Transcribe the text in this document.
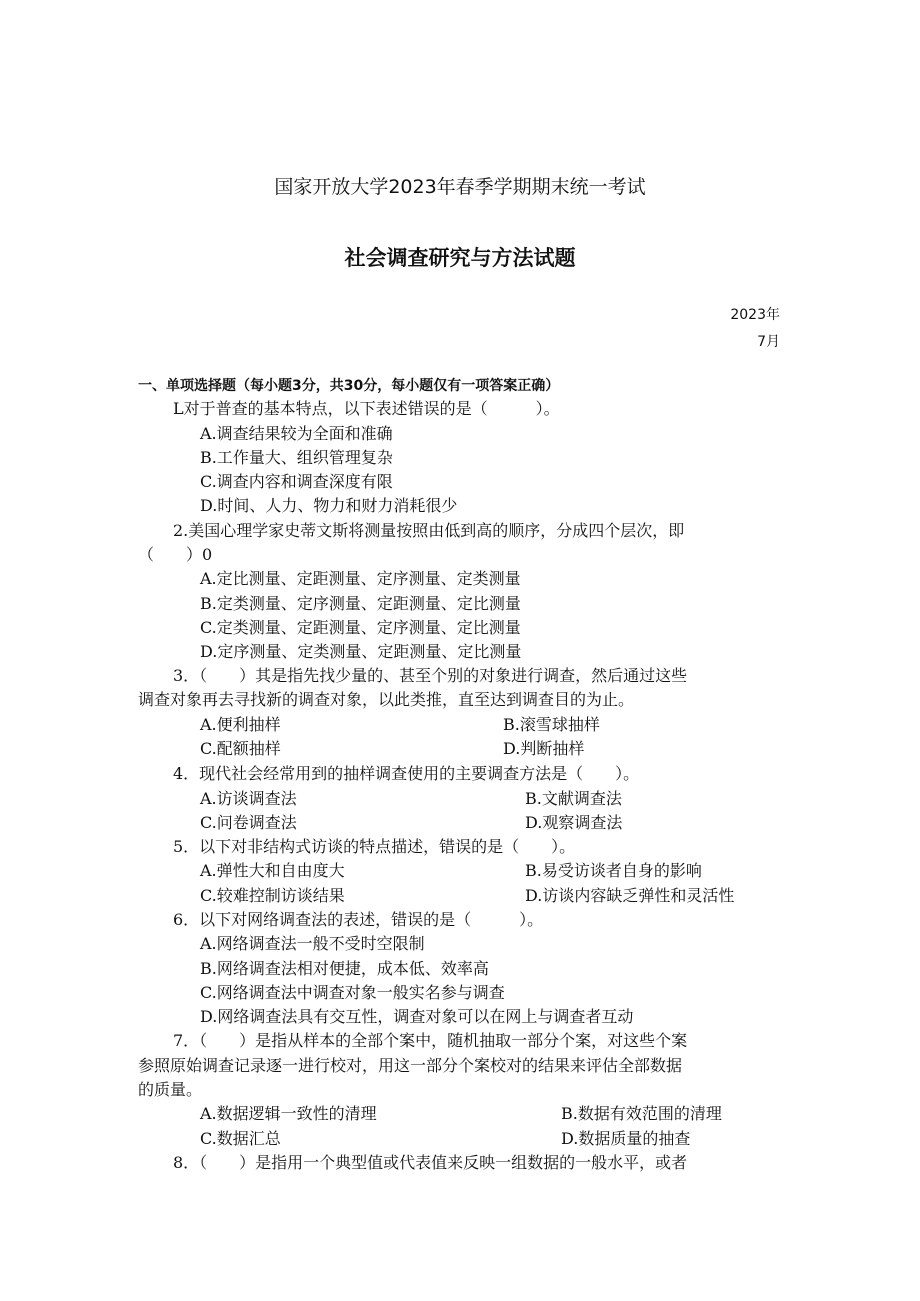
国家开放大学2023年春季学期期末统一考试
社会调查研究与方法试题
2023年
7月
一、单项选择题（每小题3分，共30分，每小题仅有一项答案正确）
L对于普查的基本特点，以下表述错误的是（　　　）。
A.调查结果较为全面和准确
B.工作量大、组织管理复杂
C.调查内容和调查深度有限
D.时间、人力、物力和财力消耗很少
2.美国心理学家史蒂文斯将测量按照由低到高的顺序，分成四个层次，即
（　　）0
A.定比测量、定距测量、定序测量、定类测量
B.定类测量、定序测量、定距测量、定比测量
C.定类测量、定距测量、定序测量、定比测量
D.定序测量、定类测量、定距测量、定比测量
3．（　　）其是指先找少量的、甚至个别的对象进行调查，然后通过这些
调查对象再去寻找新的调查对象，以此类推，直至达到调查目的为止。
A.便利抽样	B.滚雪球抽样
C.配额抽样	D.判断抽样
4．现代社会经常用到的抽样调查使用的主要调查方法是（　　）。
A.访谈调查法	B.文献调查法
C.问卷调查法	D.观察调查法
5．以下对非结构式访谈的特点描述，错误的是（　　）。
A.弹性大和自由度大	B.易受访谈者自身的影响
C.较难控制访谈结果	D.访谈内容缺乏弹性和灵活性
6．以下对网络调查法的表述，错误的是（　　　）。
A.网络调查法一般不受时空限制
B.网络调查法相对便捷，成本低、效率高
C.网络调查法中调查对象一般实名参与调查
D.网络调查法具有交互性，调查对象可以在网上与调查者互动
7．（　　）是指从样本的全部个案中，随机抽取一部分个案，对这些个案
参照原始调查记录逐一进行校对，用这一部分个案校对的结果来评估全部数据
的质量。
A.数据逻辑一致性的清理	B.数据有效范围的清理
C.数据汇总	D.数据质量的抽查
8．（　　）是指用一个典型值或代表值来反映一组数据的一般水平，或者
